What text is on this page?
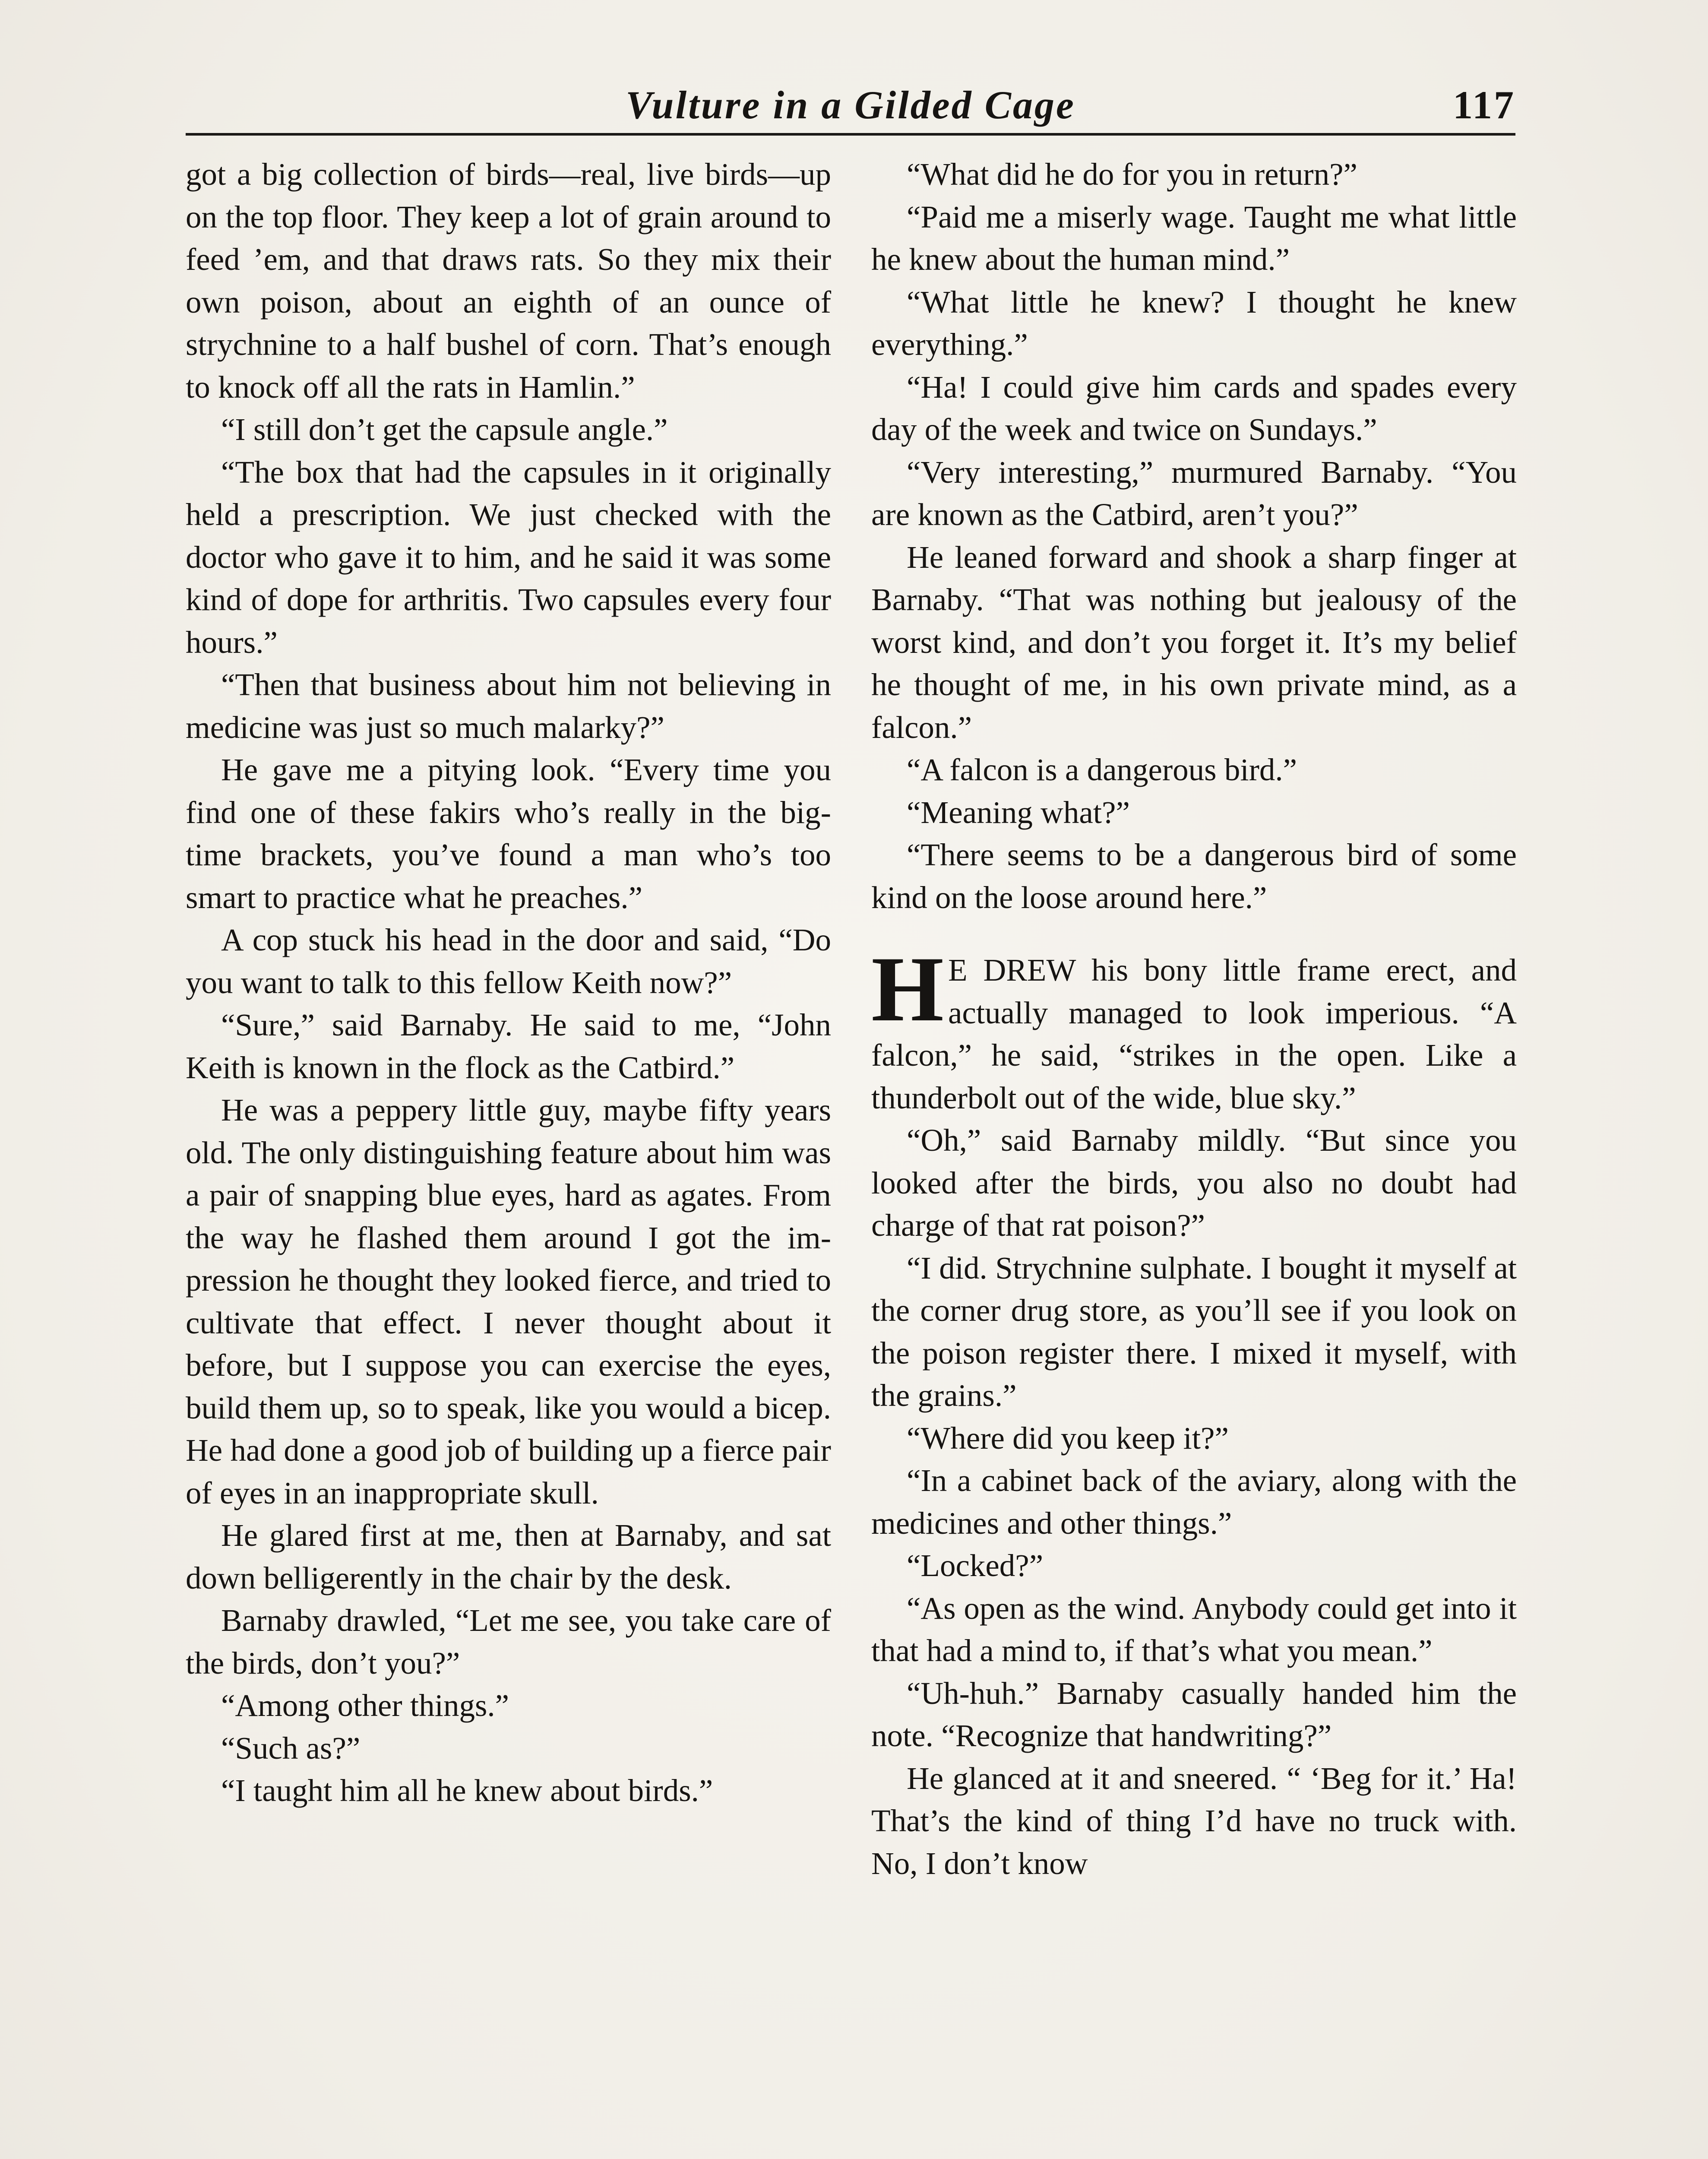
Vulture in a Gilded Cage	117

got a big collection of birds—real, live birds—up on the top floor. They keep a lot of grain around to feed ’em, and that draws rats. So they mix their own poison, about an eighth of an ounce of strychnine to a half bushel of corn. That’s enough to knock off all the rats in Hamlin.”

“I still don’t get the capsule angle.”

“The box that had the capsules in it originally held a prescription. We just checked with the doctor who gave it to him, and he said it was some kind of dope for arthritis. Two capsules every four hours.”

“Then that business about him not believing in medicine was just so much malarky?”

He gave me a pitying look. “Every time you find one of these fakirs who’s really in the big-time brackets, you’ve found a man who’s too smart to practice what he preaches.”

A cop stuck his head in the door and said, “Do you want to talk to this fellow Keith now?”

“Sure,” said Barnaby. He said to me, “John Keith is known in the flock as the Catbird.”

He was a peppery little guy, maybe fifty years old. The only distinguishing feature about him was a pair of snapping blue eyes, hard as agates. From the way he flashed them around I got the impression he thought they looked fierce, and tried to cultivate that effect. I never thought about it before, but I suppose you can exercise the eyes, build them up, so to speak, like you would a bicep. He had done a good job of building up a fierce pair of eyes in an inappropriate skull.

He glared first at me, then at Barnaby, and sat down belligerently in the chair by the desk.

Barnaby drawled, “Let me see, you take care of the birds, don’t you?”

“Among other things.”

“Such as?”

“I taught him all he knew about birds.”

“What did he do for you in return?”

“Paid me a miserly wage. Taught me what little he knew about the human mind.”

“What little he knew? I thought he knew everything.”

“Ha! I could give him cards and spades every day of the week and twice on Sundays.”

“Very interesting,” murmured Barnaby. “You are known as the Catbird, aren’t you?”

He leaned forward and shook a sharp finger at Barnaby. “That was nothing but jealousy of the worst kind, and don’t you forget it. It’s my belief he thought of me, in his own private mind, as a falcon.”

“A falcon is a dangerous bird.”

“Meaning what?”

“There seems to be a dangerous bird of some kind on the loose around here.”

H E DREW his bony little frame erect, and actually managed to look imperious. “A falcon,” he said, “strikes in the open. Like a thunderbolt out of the wide, blue sky.”

“Oh,” said Barnaby mildly. “But since you looked after the birds, you also no doubt had charge of that rat poison?”

“I did. Strychnine sulphate. I bought it myself at the corner drug store, as you’ll see if you look on the poison register there. I mixed it myself, with the grains.”

“Where did you keep it?”

“In a cabinet back of the aviary, along with the medicines and other things.”

“Locked?”

“As open as the wind. Anybody could get into it that had a mind to, if that’s what you mean.”

“Uh-huh.” Barnaby casually handed him the note. “Recognize that handwriting?”

He glanced at it and sneered. “ ‘Beg for it.’ Ha! That’s the kind of thing I’d have no truck with. No, I don’t know
